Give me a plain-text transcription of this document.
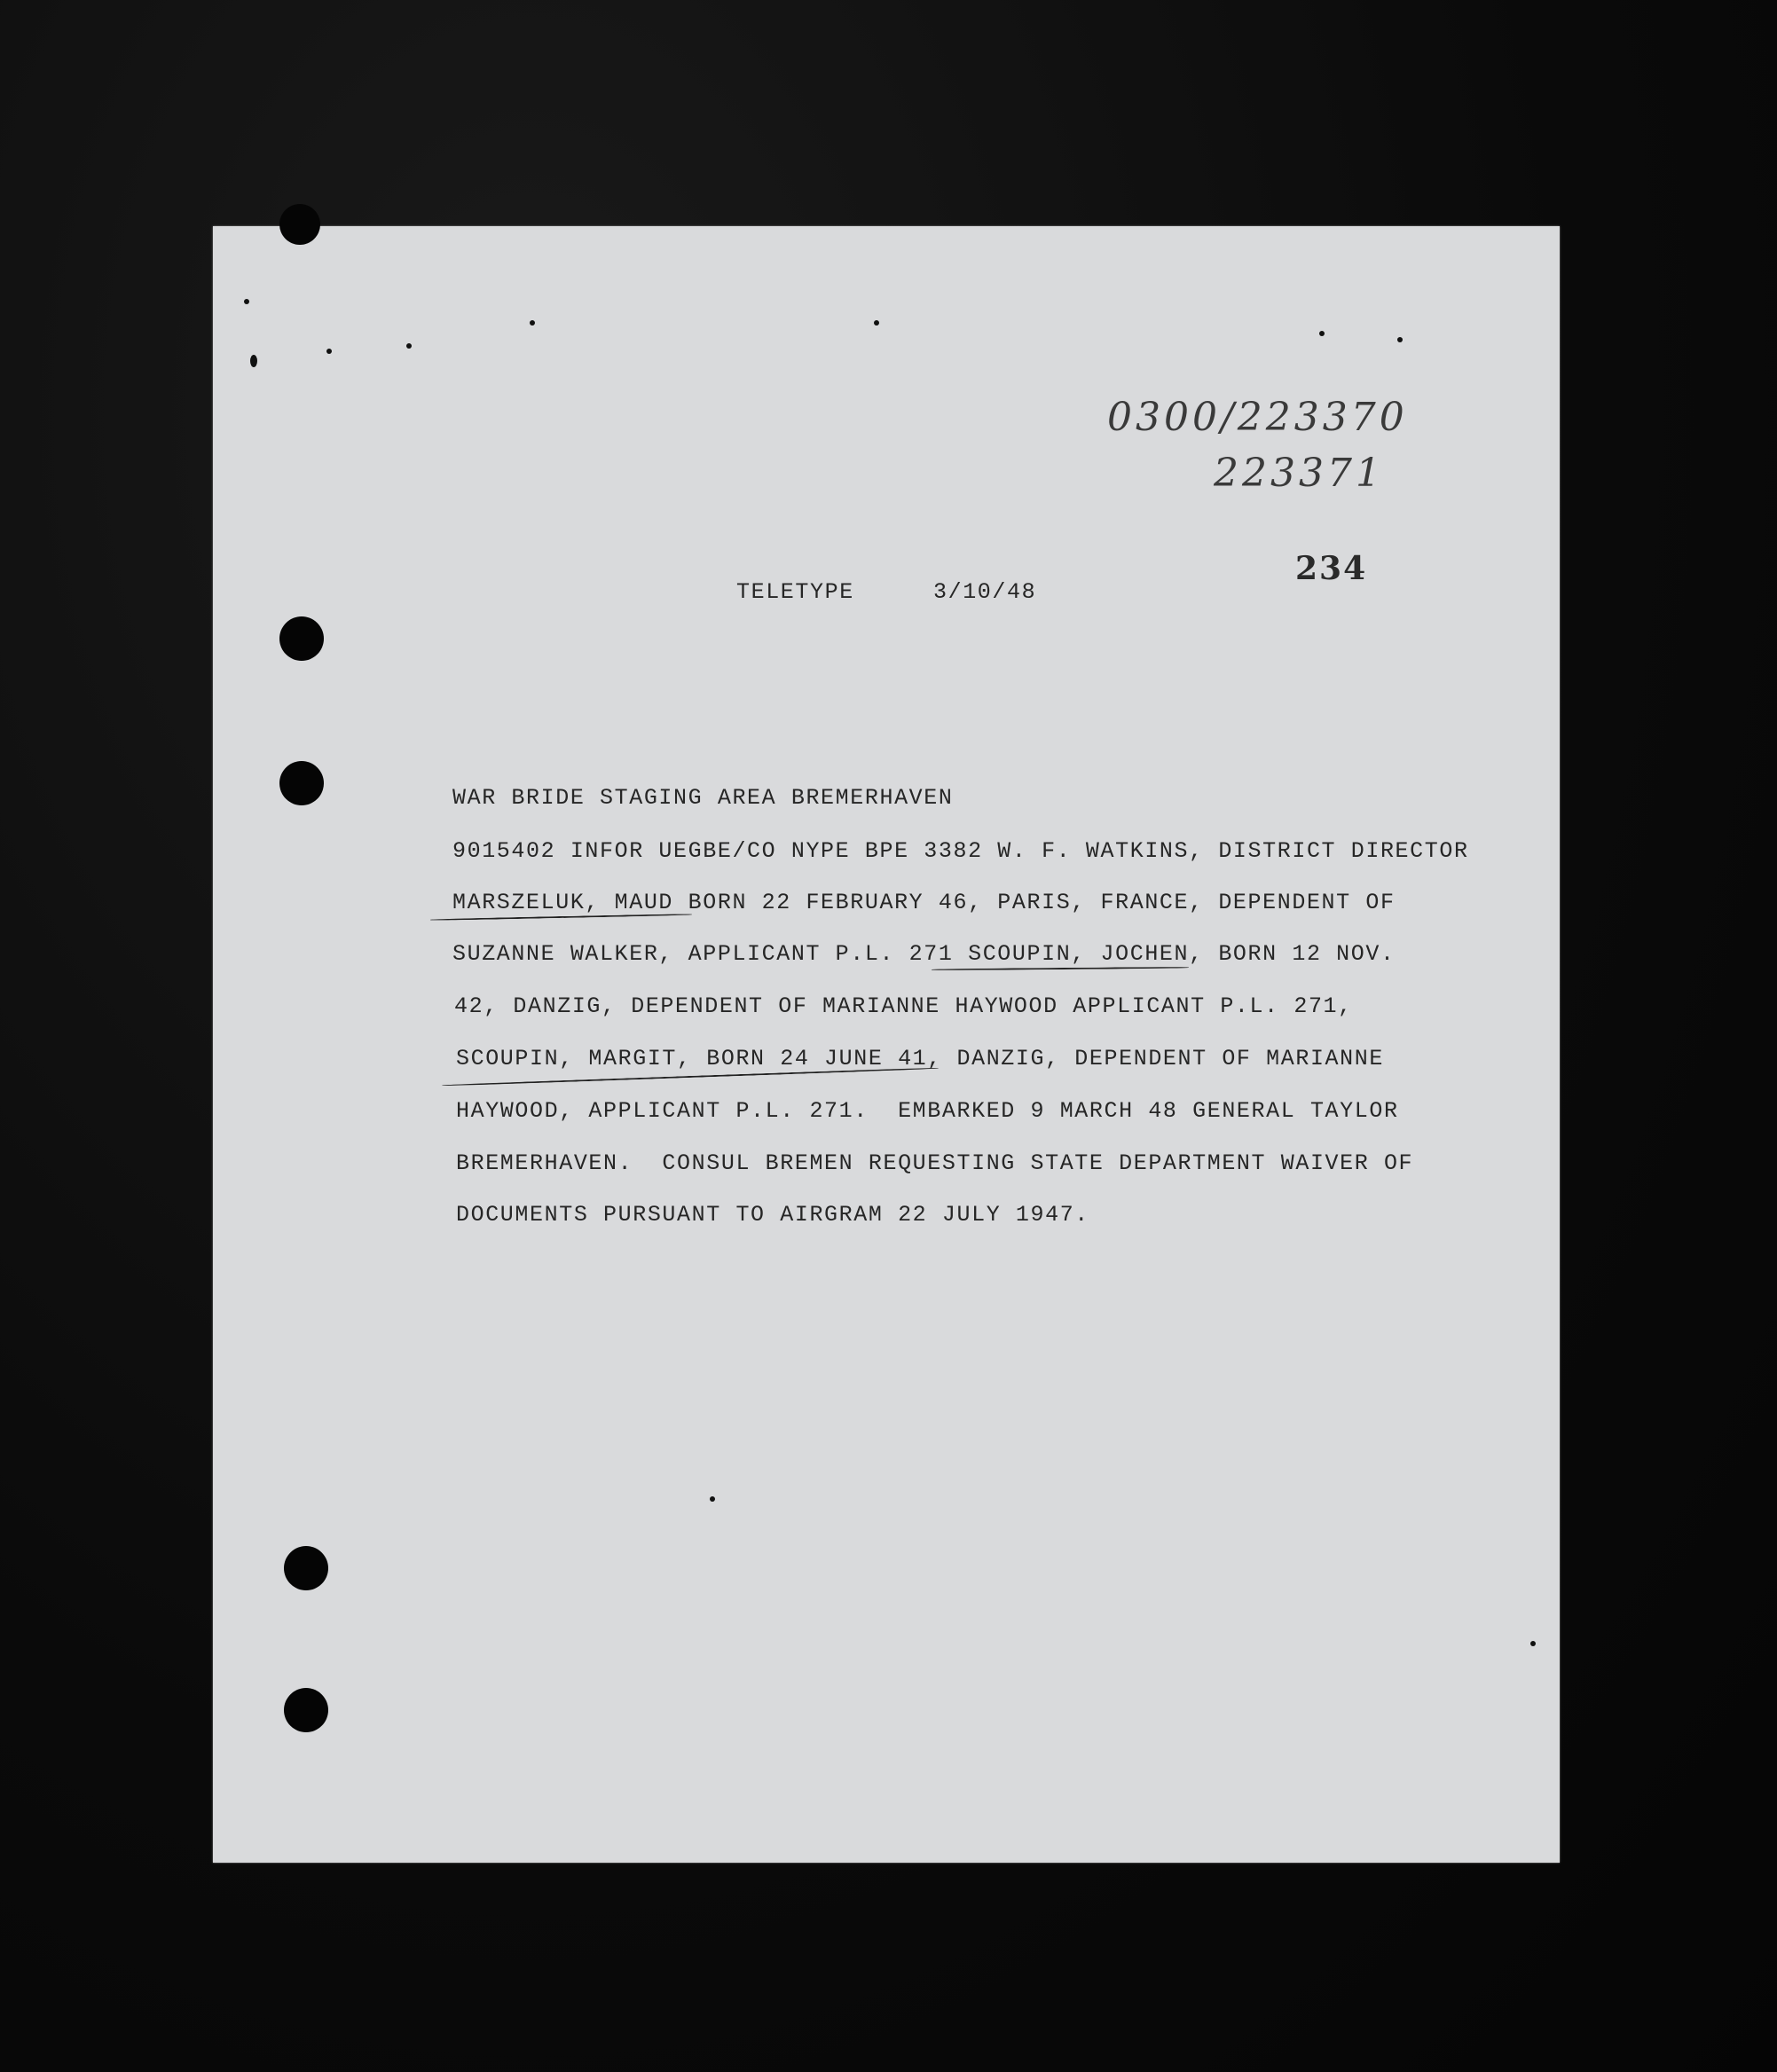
0300/223370
223371
234
TELETYPE	3/10/48
WAR BRIDE STAGING AREA BREMERHAVEN
9015402 INFOR UEGBE/CO NYPE BPE 3382 W. F. WATKINS, DISTRICT DIRECTOR
MARSZELUK, MAUD BORN 22 FEBRUARY 46, PARIS, FRANCE, DEPENDENT OF
SUZANNE WALKER, APPLICANT P.L. 271 SCOUPIN, JOCHEN, BORN 12 NOV.
42, DANZIG, DEPENDENT OF MARIANNE HAYWOOD APPLICANT P.L. 271,
SCOUPIN, MARGIT, BORN 24 JUNE 41, DANZIG, DEPENDENT OF MARIANNE
HAYWOOD, APPLICANT P.L. 271.  EMBARKED 9 MARCH 48 GENERAL TAYLOR
BREMERHAVEN.  CONSUL BREMEN REQUESTING STATE DEPARTMENT WAIVER OF
DOCUMENTS PURSUANT TO AIRGRAM 22 JULY 1947.
